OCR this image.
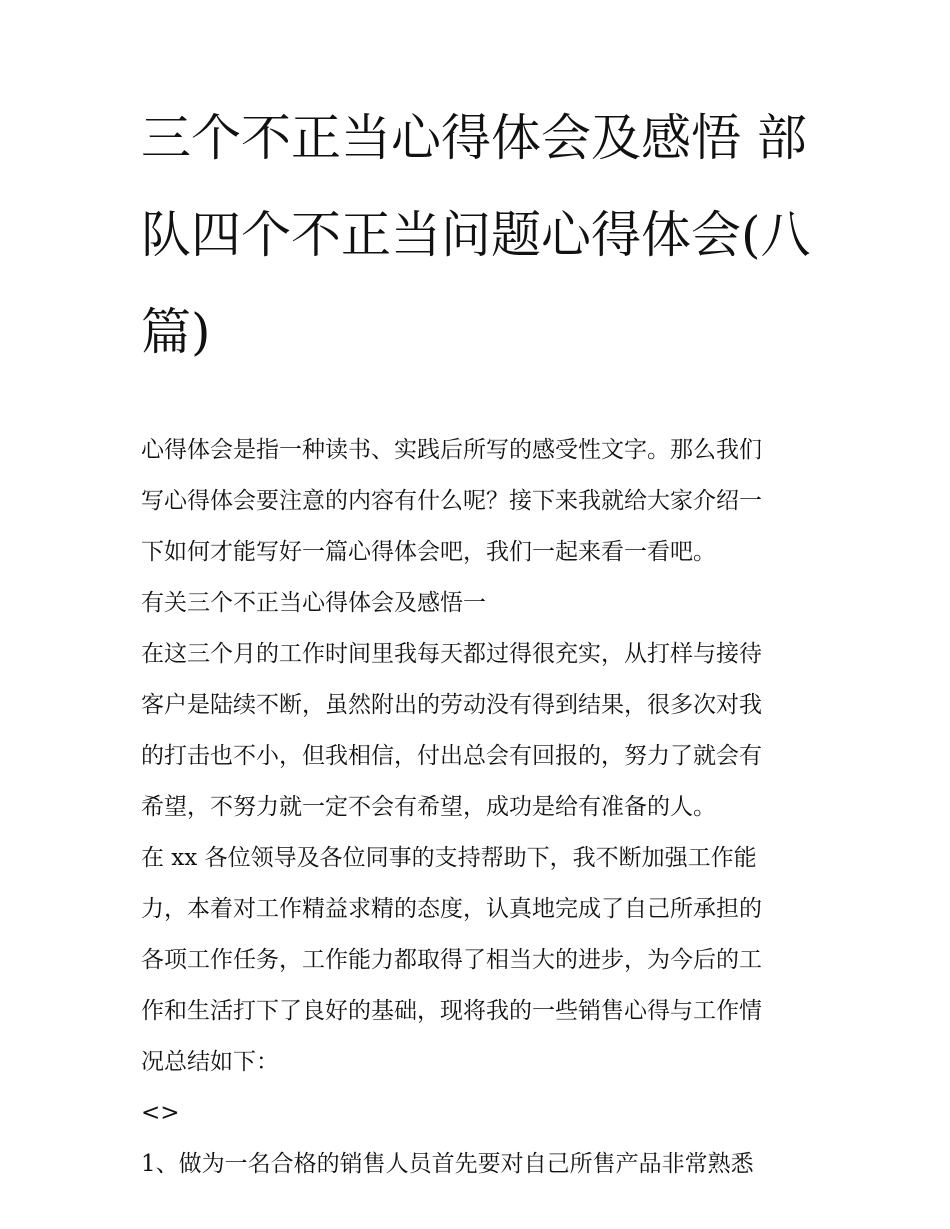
三个不正当心得体会及感悟 部
队四个不正当问题心得体会(八
篇)
心得体会是指一种读书、实践后所写的感受性文字。那么我们
写心得体会要注意的内容有什么呢？接下来我就给大家介绍一
下如何才能写好一篇心得体会吧，我们一起来看一看吧。
有关三个不正当心得体会及感悟一
在这三个月的工作时间里我每天都过得很充实，从打样与接待
客户是陆续不断，虽然附出的劳动没有得到结果，很多次对我
的打击也不小，但我相信，付出总会有回报的，努力了就会有
希望，不努力就一定不会有希望，成功是给有准备的人。
在 xx 各位领导及各位同事的支持帮助下，我不断加强工作能
力，本着对工作精益求精的态度，认真地完成了自己所承担的
各项工作任务，工作能力都取得了相当大的进步，为今后的工
作和生活打下了良好的基础，现将我的一些销售心得与工作情
况总结如下：
<>
1、做为一名合格的销售人员首先要对自己所售产品非常熟悉
